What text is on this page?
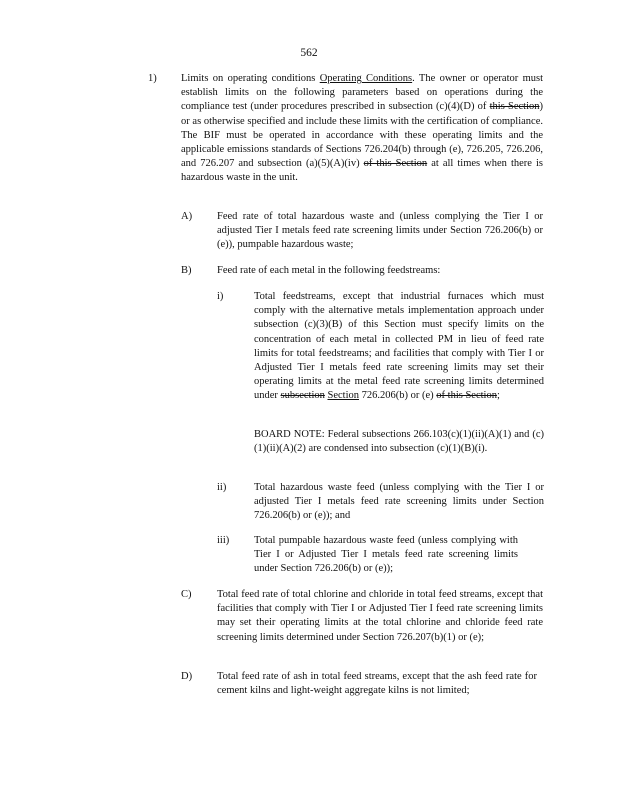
562
1) Limits on operating conditions Operating Conditions. The owner or operator must establish limits on the following parameters based on operations during the compliance test (under procedures prescribed in subsection (c)(4)(D) of this Section) or as otherwise specified and include these limits with the certification of compliance. The BIF must be operated in accordance with these operating limits and the applicable emissions standards of Sections 726.204(b) through (e), 726.205, 726.206, and 726.207 and subsection (a)(5)(A)(iv) of this Section at all times when there is hazardous waste in the unit.
A) Feed rate of total hazardous waste and (unless complying the Tier I or adjusted Tier I metals feed rate screening limits under Section 726.206(b) or (e)), pumpable hazardous waste;
B) Feed rate of each metal in the following feedstreams:
i)	Total feedstreams, except that industrial furnaces which must comply with the alternative metals implementation approach under subsection (c)(3)(B) of this Section must specify limits on the concentration of each metal in collected PM in lieu of feed rate limits for total feedstreams; and facilities that comply with Tier I or Adjusted Tier I metals feed rate screening limits may set their operating limits at the metal feed rate screening limits determined under subsection Section 726.206(b) or (e) of this Section;
BOARD NOTE: Federal subsections 266.103(c)(1)(ii)(A)(1) and (c)(1)(ii)(A)(2) are condensed into subsection (c)(1)(B)(i).
ii)	Total hazardous waste feed (unless complying with the Tier I or adjusted Tier I metals feed rate screening limits under Section 726.206(b) or (e)); and
iii) Total pumpable hazardous waste feed (unless complying with Tier I or Adjusted Tier I metals feed rate screening limits under Section 726.206(b) or (e));
C) Total feed rate of total chlorine and chloride in total feed streams, except that facilities that comply with Tier I or Adjusted Tier I feed rate screening limits may set their operating limits at the total chlorine and chloride feed rate screening limits determined under Section 726.207(b)(1) or (e);
D) Total feed rate of ash in total feed streams, except that the ash feed rate for cement kilns and light-weight aggregate kilns is not limited;
